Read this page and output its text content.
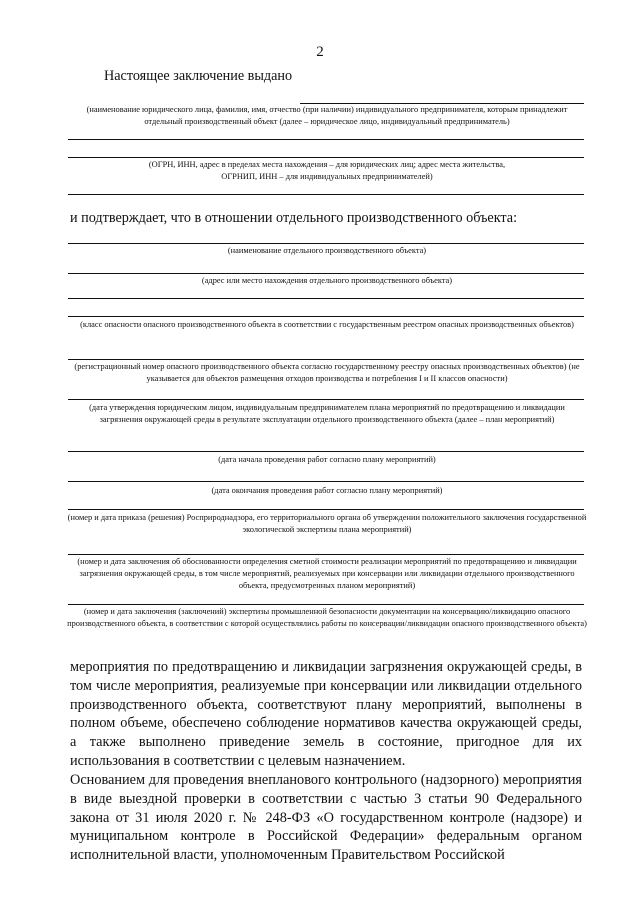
2
Настоящее заключение выдано
(наименование юридического лица, фамилия, имя, отчество (при наличии) индивидуального предпринимателя, которым принадлежит отдельный производственный объект (далее – юридическое лицо, индивидуальный предприниматель)
(ОГРН, ИНН, адрес в пределах места нахождения – для юридических лиц; адрес места жительства, ОГРНИП, ИНН – для индивидуальных предпринимателей)
и подтверждает, что в отношении отдельного производственного объекта:
(наименование отдельного производственного объекта)
(адрес или место нахождения отдельного производственного объекта)
(класс опасности опасного производственного объекта в соответствии с государственным реестром опасных производственных объектов)
(регистрационный номер опасного производственного объекта согласно государственному реестру опасных производственных объектов) (не указывается для объектов размещения отходов производства и потребления I и II классов опасности)
(дата утверждения юридическим лицом, индивидуальным предпринимателем плана мероприятий по предотвращению и ликвидации загрязнения окружающей среды в результате эксплуатации отдельного производственного объекта (далее – план мероприятий)
(дата начала проведения работ согласно плану мероприятий)
(дата окончания проведения работ согласно плану мероприятий)
(номер и дата приказа (решения) Росприроднадзора, его территориального органа об утверждении положительного заключения государственной экологической экспертизы плана мероприятий)
(номер и дата заключения об обоснованности определения сметной стоимости реализации мероприятий по предотвращению и ликвидации загрязнения окружающей среды, в том числе мероприятий, реализуемых при консервации или ликвидации отдельного производственного объекта, предусмотренных планом мероприятий)
(номер и дата заключения (заключений) экспертизы промышленной безопасности документации на консервацию/ликвидацию опасного производственного объекта, в соответствии с которой осуществлялись работы по консервации/ликвидации опасного производственного объекта)
мероприятия по предотвращению и ликвидации загрязнения окружающей среды, в том числе мероприятия, реализуемые при консервации или ликвидации отдельного производственного объекта, соответствуют плану мероприятий, выполнены в полном объеме, обеспечено соблюдение нормативов качества окружающей среды, а также выполнено приведение земель в состояние, пригодное для их использования в соответствии с целевым назначением.
Основанием для проведения внепланового контрольного (надзорного) мероприятия в виде выездной проверки в соответствии с частью 3 статьи 90 Федерального закона от 31 июля 2020 г. № 248-ФЗ «О государственном контроле (надзоре) и муниципальном контроле в Российской Федерации» федеральным органом исполнительной власти, уполномоченным Правительством Российской
